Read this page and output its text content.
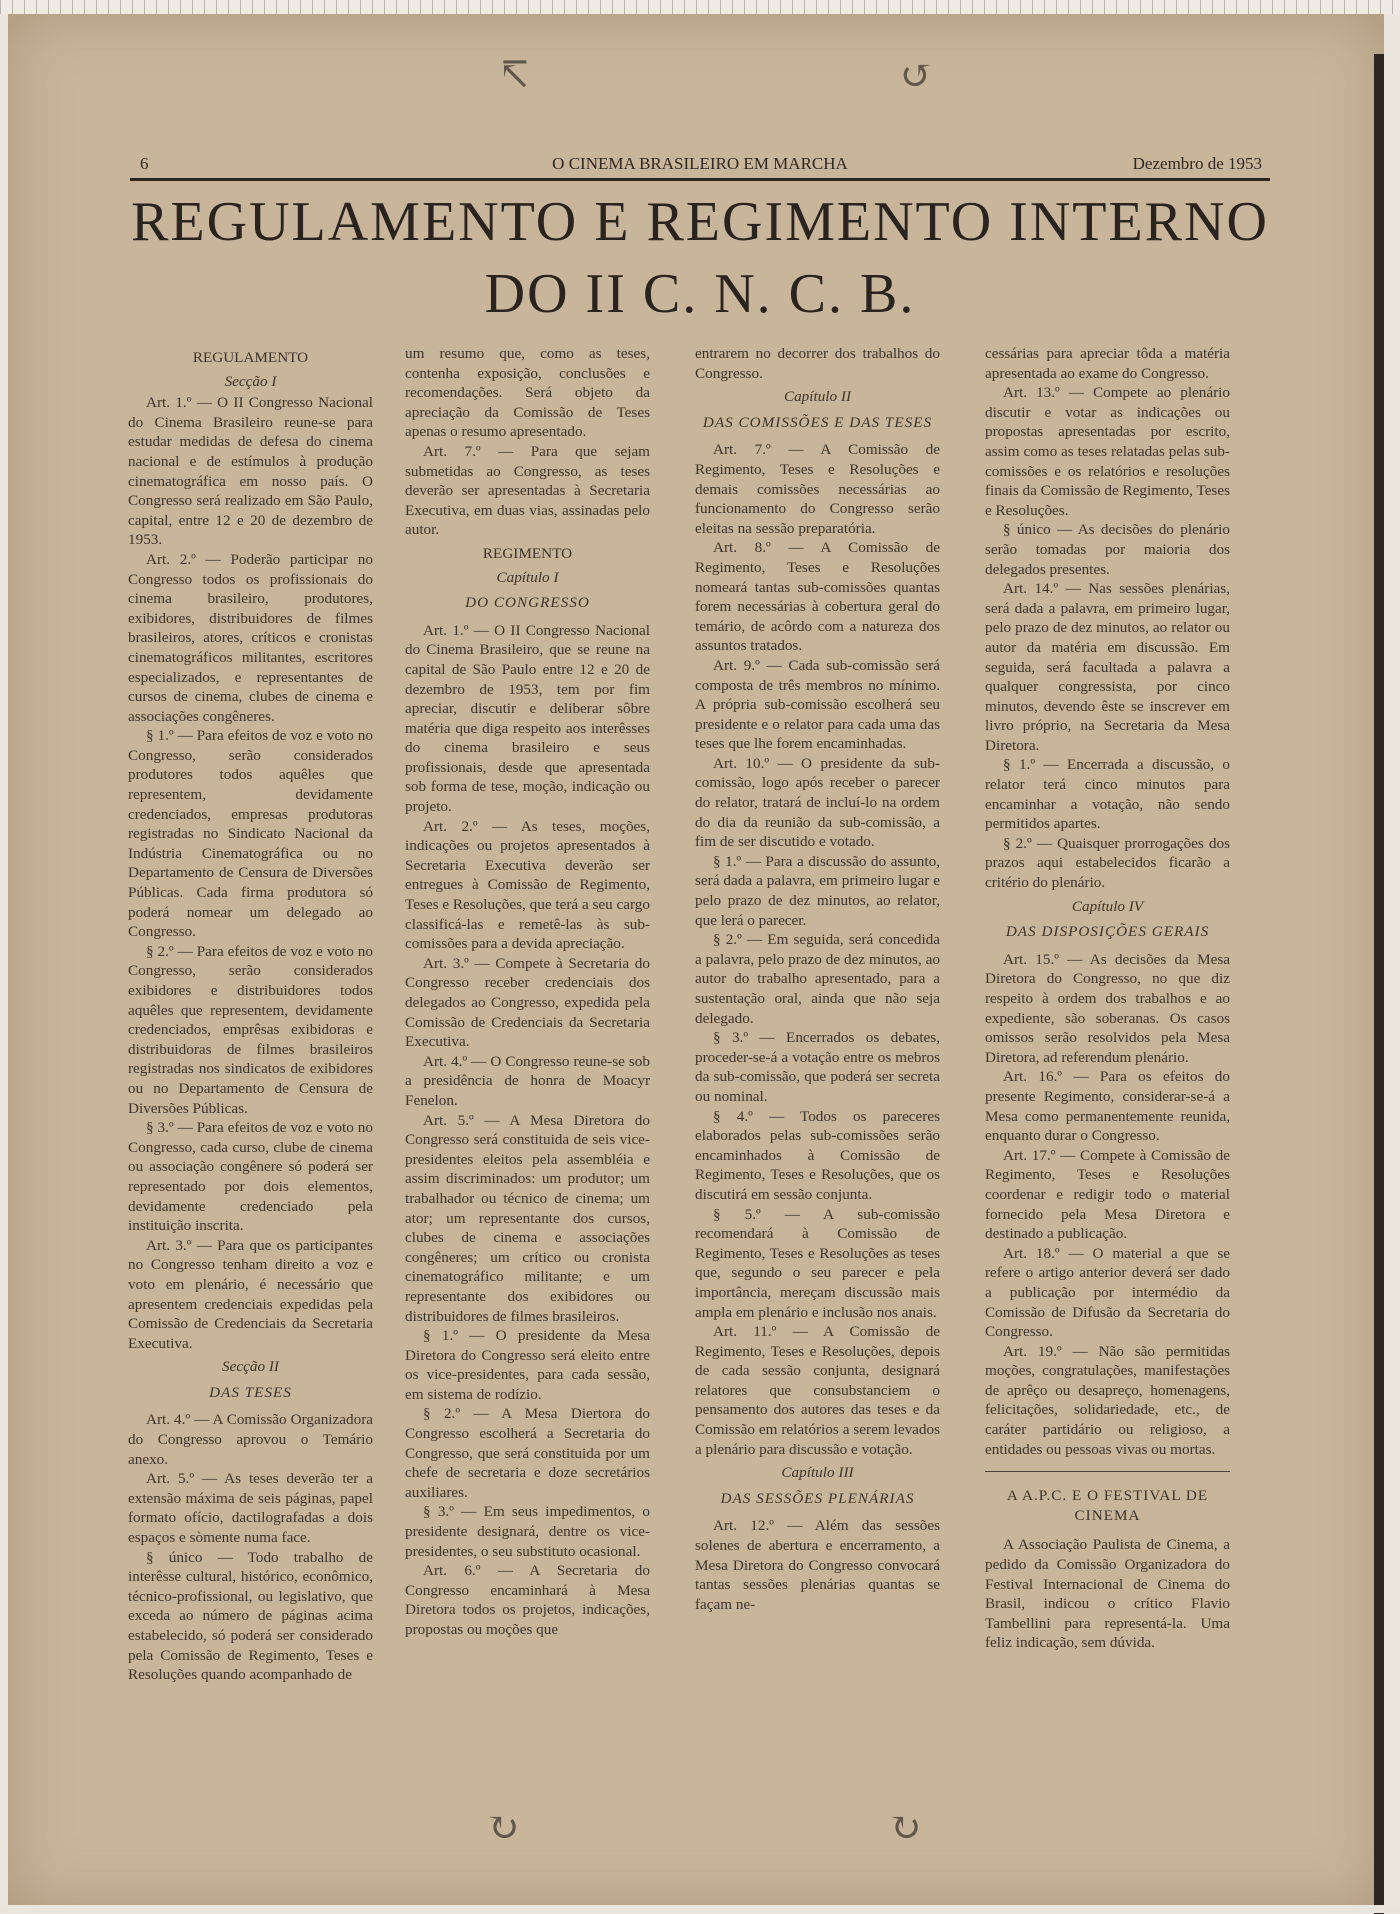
↸	↺
↻	↻
6	O CINEMA BRASILEIRO EM MARCHA	Dezembro de 1953
REGULAMENTO E REGIMENTO INTERNO
DO II C. N. C. B.
REGULAMENTO
Secção I

Art. 1.º — O II Congresso Nacional do Cinema Brasileiro reune-se para estudar medidas de defesa do cinema nacional e de estímulos à produção cinematográfica em nosso país. O Congresso será realizado em São Paulo, capital, entre 12 e 20 de dezembro de 1953.

Art. 2.º — Poderão participar no Congresso todos os profissionais do cinema brasileiro, produtores, exibidores, distribuidores de filmes brasileiros, atores, críticos e cronistas cinematográficos militantes, escritores especializados, e representantes de cursos de cinema, clubes de cinema e associações congêneres.

§ 1.º — Para efeitos de voz e voto no Congresso, serão considerados produtores todos aquêles que representem, devidamente credenciados, empresas produtoras registradas no Sindicato Nacional da Indústria Cinematográfica ou no Departamento de Censura de Diversões Públicas. Cada firma produtora só poderá nomear um delegado ao Congresso.

§ 2.º — Para efeitos de voz e voto no Congresso, serão considerados exibidores e distribuidores todos aquêles que representem, devidamente credenciados, emprêsas exibidoras e distribuidoras de filmes brasileiros registradas nos sindicatos de exibidores ou no Departamento de Censura de Diversões Públicas.

§ 3.º — Para efeitos de voz e voto no Congresso, cada curso, clube de cinema ou associação congênere só poderá ser representado por dois elementos, devidamente credenciado pela instituição inscrita.

Art. 3.º — Para que os participantes no Congresso tenham direito a voz e voto em plenário, é necessário que apresentem credenciais expedidas pela Comissão de Credenciais da Secretaria Executiva.

Secção II
DAS TESES

Art. 4.º — A Comissão Organizadora do Congresso aprovou o Temário anexo.

Art. 5.º — As teses deverão ter a extensão máxima de seis páginas, papel formato ofício, dactilografadas a dois espaços e sòmente numa face.

§ único — Todo trabalho de interêsse cultural, histórico, econômico, técnico-profissional, ou legislativo, que exceda ao número de páginas acima estabelecido, só poderá ser considerado pela Comissão de Regimento, Teses e Resoluções quando acompanhado de

um resumo que, como as teses, contenha exposição, conclusões e recomendações. Será objeto da apreciação da Comissão de Teses apenas o resumo apresentado.

Art. 7.º — Para que sejam submetidas ao Congresso, as teses deverão ser apresentadas à Secretaria Executiva, em duas vias, assinadas pelo autor.

REGIMENTO
Capítulo I
DO CONGRESSO

Art. 1.º — O II Congresso Nacional do Cinema Brasileiro, que se reune na capital de São Paulo entre 12 e 20 de dezembro de 1953, tem por fim apreciar, discutir e deliberar sôbre matéria que diga respeito aos interêsses do cinema brasileiro e seus profissionais, desde que apresentada sob forma de tese, moção, indicação ou projeto.

Art. 2.º — As teses, moções, indicações ou projetos apresentados à Secretaria Executiva deverão ser entregues à Comissão de Regimento, Teses e Resoluções, que terá a seu cargo classificá-las e remetê-las às sub-comissões para a devida apreciação.

Art. 3.º — Compete à Secretaria do Congresso receber credenciais dos delegados ao Congresso, expedida pela Comissão de Credenciais da Secretaria Executiva.

Art. 4.º — O Congresso reune-se sob a presidência de honra de Moacyr Fenelon.

Art. 5.º — A Mesa Diretora do Congresso será constituida de seis vice-presidentes eleitos pela assembléia e assim discriminados: um produtor; um trabalhador ou técnico de cinema; um ator; um representante dos cursos, clubes de cinema e associações congêneres; um crítico ou cronista cinematográfico militante; e um representante dos exibidores ou distribuidores de filmes brasileiros.

§ 1.º — O presidente da Mesa Diretora do Congresso será eleito entre os vice-presidentes, para cada sessão, em sistema de rodízio.

§ 2.º — A Mesa Diertora do Congresso escolherá a Secretaria do Congresso, que será constituida por um chefe de secretaria e doze secretários auxiliares.

§ 3.º — Em seus impedimentos, o presidente designará, dentre os vice-presidentes, o seu substituto ocasional.

Art. 6.º — A Secretaria do Congresso encaminhará à Mesa Diretora todos os projetos, indicações, propostas ou moções que

entrarem no decorrer dos trabalhos do Congresso.

Capítulo II
DAS COMISSÕES E DAS TESES

Art. 7.º — A Comissão de Regimento, Teses e Resoluções e demais comissões necessárias ao funcionamento do Congresso serão eleitas na sessão preparatória.

Art. 8.º — A Comissão de Regimento, Teses e Resoluções nomeará tantas sub-comissões quantas forem necessárias à cobertura geral do temário, de acôrdo com a natureza dos assuntos tratados.

Art. 9.º — Cada sub-comissão será composta de três membros no mínimo. A própria sub-comissão escolherá seu presidente e o relator para cada uma das teses que lhe forem encaminhadas.

Art. 10.º — O presidente da sub-comissão, logo após receber o parecer do relator, tratará de incluí-lo na ordem do dia da reunião da sub-comissão, a fim de ser discutido e votado.

§ 1.º — Para a discussão do assunto, será dada a palavra, em primeiro lugar e pelo prazo de dez minutos, ao relator, que lerá o parecer.

§ 2.º — Em seguida, será concedida a palavra, pelo prazo de dez minutos, ao autor do trabalho apresentado, para a sustentação oral, ainda que não seja delegado.

§ 3.º — Encerrados os debates, proceder-se-á a votação entre os mebros da sub-comissão, que poderá ser secreta ou nominal.

§ 4.º — Todos os pareceres elaborados pelas sub-comissões serão encaminhados à Comissão de Regimento, Teses e Resoluções, que os discutirá em sessão conjunta.

§ 5.º — A sub-comissão recomendará à Comissão de Regimento, Teses e Resoluções as teses que, segundo o seu parecer e pela importância, mereçam discussão mais ampla em plenário e inclusão nos anais.

Art. 11.º — A Comissão de Regimento, Teses e Resoluções, depois de cada sessão conjunta, designará relatores que consubstanciem o pensamento dos autores das teses e da Comissão em relatórios a serem levados a plenário para discussão e votação.

Capítulo III
DAS SESSÕES PLENÁRIAS

Art. 12.º — Além das sessões solenes de abertura e encerramento, a Mesa Diretora do Congresso convocará tantas sessões plenárias quantas se façam ne-

cessárias para apreciar tôda a matéria apresentada ao exame do Congresso.

Art. 13.º — Compete ao plenário discutir e votar as indicações ou propostas apresentadas por escrito, assim como as teses relatadas pelas sub-comissões e os relatórios e resoluções finais da Comissão de Regimento, Teses e Resoluções.

§ único — As decisões do plenário serão tomadas por maioria dos delegados presentes.

Art. 14.º — Nas sessões plenárias, será dada a palavra, em primeiro lugar, pelo prazo de dez minutos, ao relator ou autor da matéria em discussão. Em seguida, será facultada a palavra a qualquer congressista, por cinco minutos, devendo êste se inscrever em livro próprio, na Secretaria da Mesa Diretora.

§ 1.º — Encerrada a discussão, o relator terá cinco minutos para encaminhar a votação, não sendo permitidos apartes.

§ 2.º — Quaisquer prorrogações dos prazos aqui estabelecidos ficarão a critério do plenário.

Capítulo IV
DAS DISPOSIÇÕES GERAIS

Art. 15.º — As decisões da Mesa Diretora do Congresso, no que diz respeito à ordem dos trabalhos e ao expediente, são soberanas. Os casos omissos serão resolvidos pela Mesa Diretora, ad referendum plenário.

Art. 16.º — Para os efeitos do presente Regimento, considerar-se-á a Mesa como permanentemente reunida, enquanto durar o Congresso.

Art. 17.º — Compete à Comissão de Regimento, Teses e Resoluções coordenar e redigir todo o material fornecido pela Mesa Diretora e destinado a publicação.

Art. 18.º — O material a que se refere o artigo anterior deverá ser dado a publicação por intermédio da Comissão de Difusão da Secretaria do Congresso.

Art. 19.º — Não são permitidas moções, congratulações, manifestações de aprêço ou desapreço, homenagens, felicitações, solidariedade, etc., de caráter partidário ou religioso, a entidades ou pessoas vivas ou mortas.

A A.P.C. E O FESTIVAL DE CINEMA

A Associação Paulista de Cinema, a pedido da Comissão Organizadora do Festival Internacional de Cinema do Brasil, indicou o crítico Flavio Tambellini para representá-la. Uma feliz indicação, sem dúvida.
